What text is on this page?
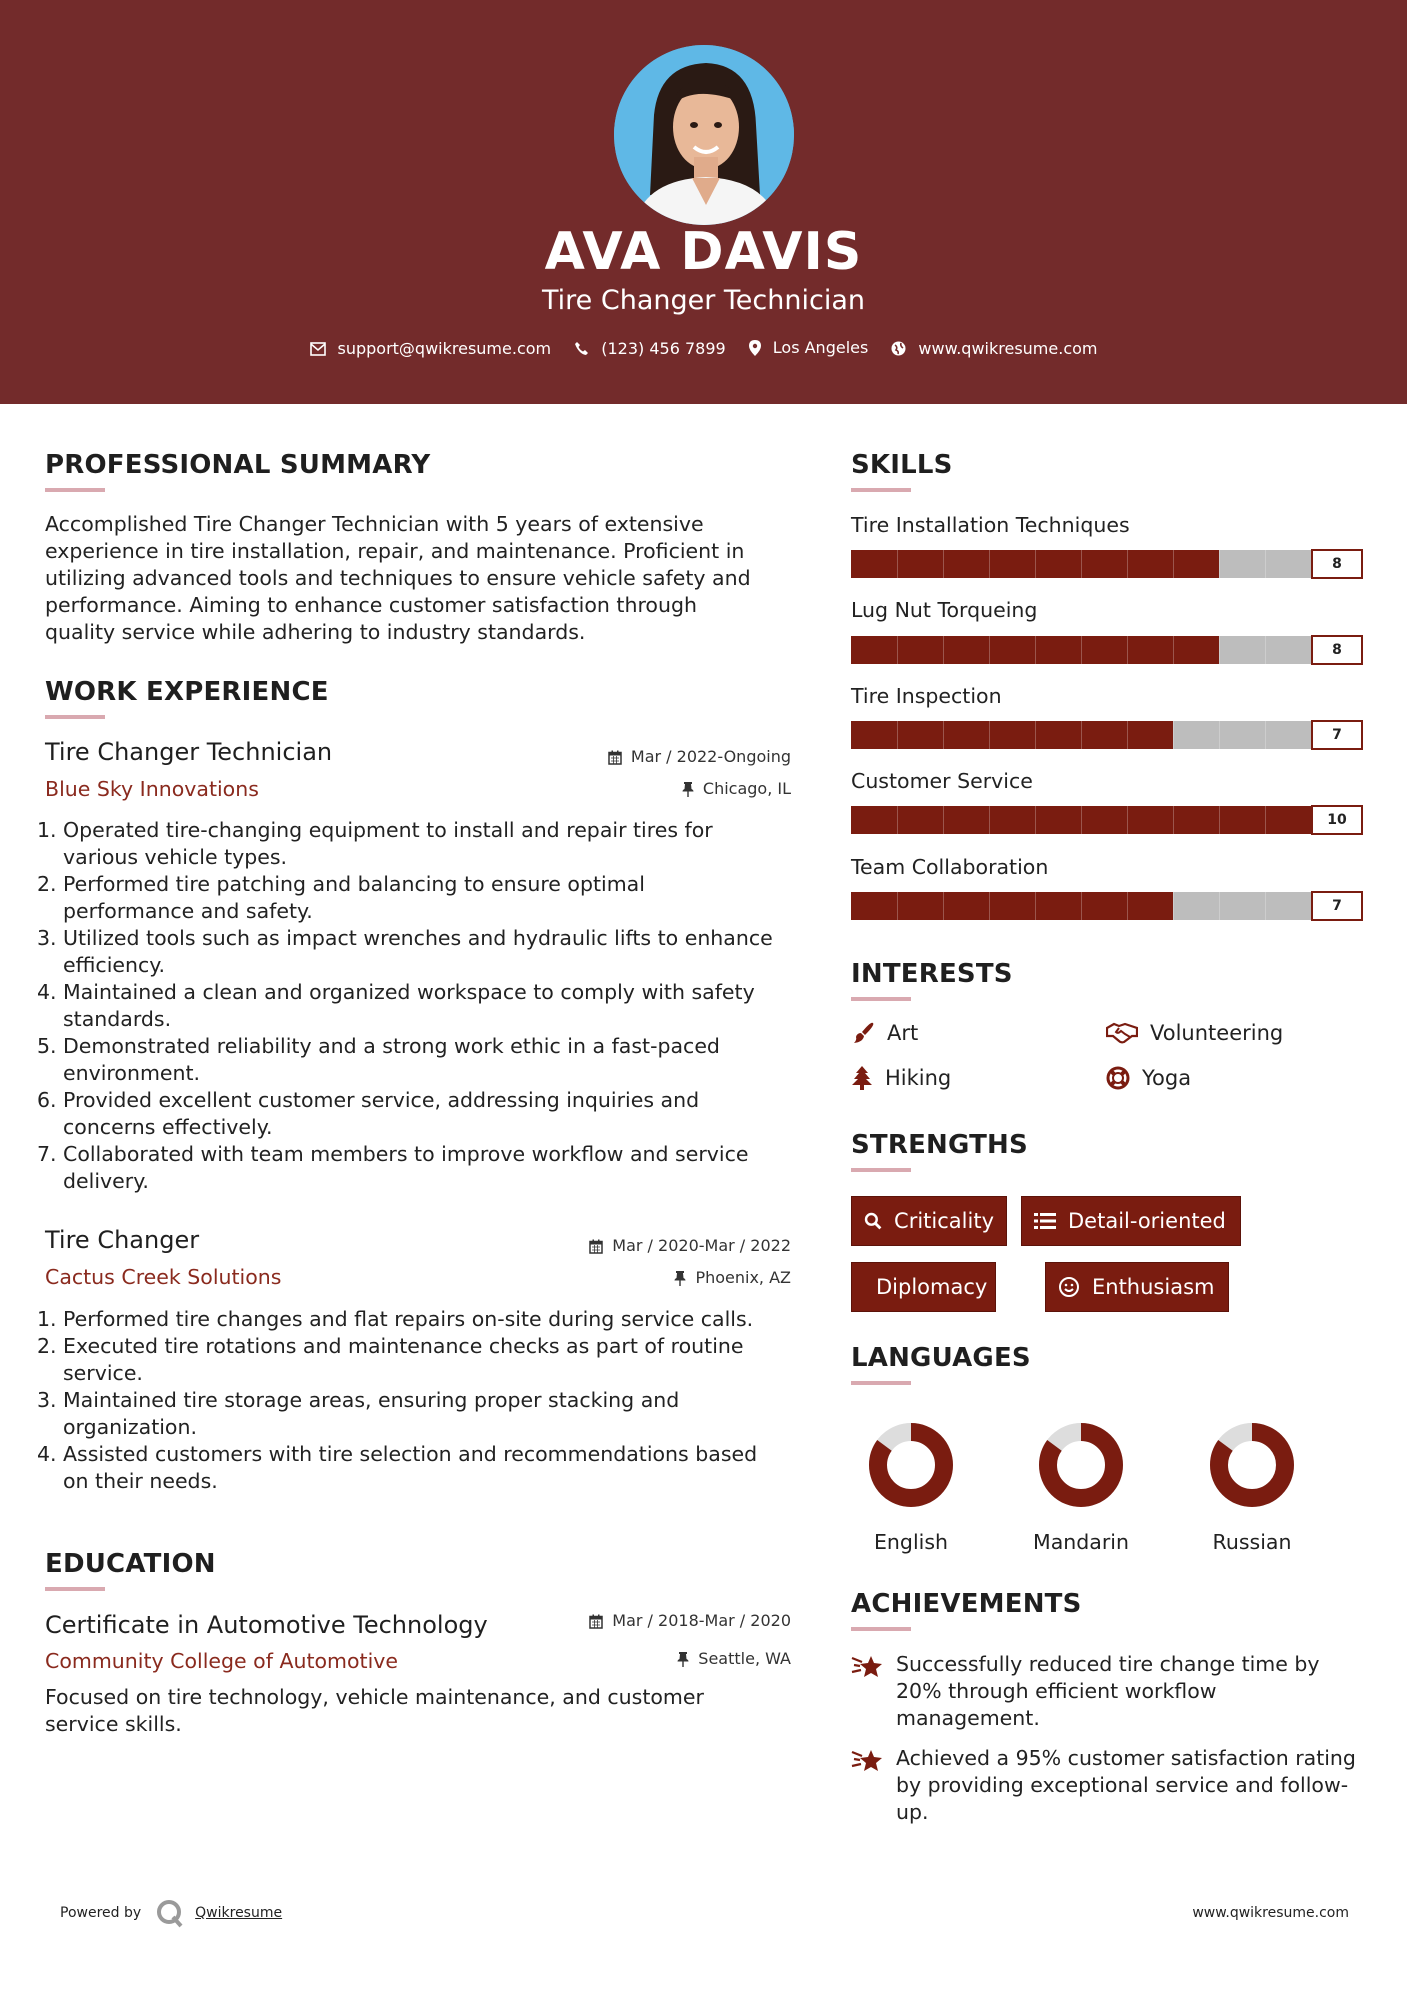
AVA DAVIS
Tire Changer Technician
support@qwikresume.com
	(123) 456 7899
	Los Angeles
	www.qwikresume.com
PROFESSIONAL SUMMARY
Accomplished Tire Changer Technician with 5 years of extensive
experience in tire installation, repair, and maintenance. Proficient in
utilizing advanced tools and techniques to ensure vehicle safety and
performance. Aiming to enhance customer satisfaction through
quality service while adhering to industry standards.
WORK EXPERIENCE
Tire Changer Technician	Mar / 2022-Ongoing
Blue Sky Innovations	Chicago, IL
1. Operated tire-changing equipment to install and repair tires for
various vehicle types.
2. Performed tire patching and balancing to ensure optimal
performance and safety.
3. Utilized tools such as impact wrenches and hydraulic lifts to enhance
efficiency.
4. Maintained a clean and organized workspace to comply with safety
standards.
5. Demonstrated reliability and a strong work ethic in a fast-paced
environment.
6. Provided excellent customer service, addressing inquiries and
concerns effectively.
7. Collaborated with team members to improve workflow and service
delivery.
Tire Changer	Mar / 2020-Mar / 2022
Cactus Creek Solutions	Phoenix, AZ
1. Performed tire changes and flat repairs on-site during service calls.
2. Executed tire rotations and maintenance checks as part of routine
service.
3. Maintained tire storage areas, ensuring proper stacking and
organization.
4. Assisted customers with tire selection and recommendations based
on their needs.
EDUCATION
Certificate in Automotive Technology	Mar / 2018-Mar / 2020
Community College of Automotive	Seattle, WA
Focused on tire technology, vehicle maintenance, and customer
service skills.
SKILLS
Tire Installation Techniques
8
Lug Nut Torqueing
8
Tire Inspection
7
Customer Service
10
Team Collaboration
7
INTERESTS
Art	Volunteering
Hiking	Yoga
STRENGTHS
Criticality	Detail-oriented
Diplomacy	Enthusiasm
LANGUAGES
English	Mandarin	Russian
ACHIEVEMENTS
Successfully reduced tire change time by
20% through efficient workflow
management.
Achieved a 95% customer satisfaction rating
by providing exceptional service and follow-
up.
Powered by	Qwikresume	www.qwikresume.com
